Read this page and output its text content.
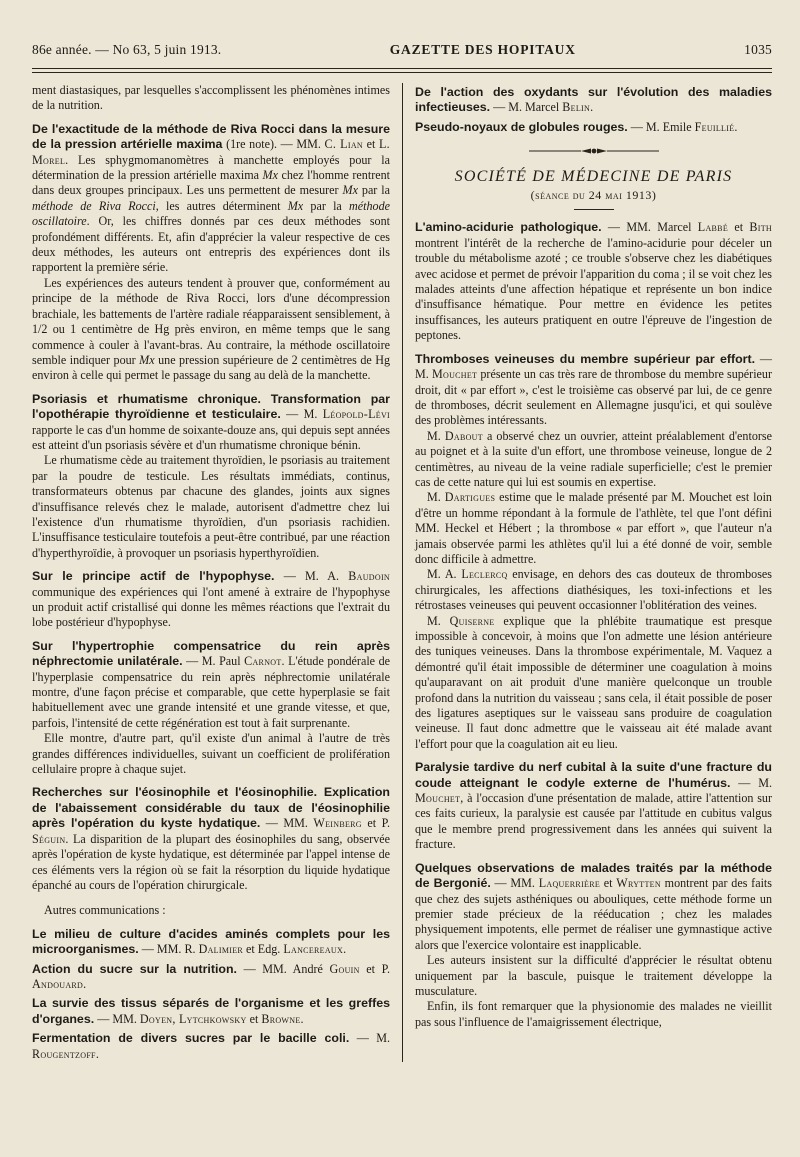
86e année. — No 63, 5 juin 1913.	GAZETTE DES HOPITAUX	1035

ment diastasiques, par lesquelles s'accomplissent les phénomènes intimes de la nutrition.

De l'exactitude de la méthode de Riva Rocci dans la mesure de la pression artérielle maxima (1re note). — MM. C. Lian et L. Morel. Les sphygmomanomètres à manchette employés pour la détermination de la pression artérielle maxima Mx chez l'homme rentrent dans deux groupes principaux. Les uns permettent de mesurer Mx par la méthode de Riva Rocci, les autres déterminent Mx par la méthode oscillatoire. Or, les chiffres donnés par ces deux méthodes sont profondément différents. Et, afin d'apprécier la valeur respective de ces deux méthodes, les auteurs ont entrepris des expériences dont ils rapportent la première série.

Les expériences des auteurs tendent à prouver que, conformément au principe de la méthode de Riva Rocci, lors d'une décompression brachiale, les battements de l'artère radiale réapparaissent sensiblement, à 1/2 ou 1 centimètre de Hg près environ, en même temps que le sang commence à couler à l'avant-bras. Au contraire, la méthode oscillatoire semble indiquer pour Mx une pression supérieure de 2 centimètres de Hg environ à celle qui permet le passage du sang au delà de la manchette.

Psoriasis et rhumatisme chronique. Transformation par l'opothérapie thyroïdienne et testiculaire. — M. Léopold-Lévi rapporte le cas d'un homme de soixante-douze ans, qui depuis sept années est atteint d'un psoriasis sévère et d'un rhumatisme chronique bénin.

Le rhumatisme cède au traitement thyroïdien, le psoriasis au traitement par la poudre de testicule. Les résultats immédiats, continus, transformateurs obtenus par chacune des glandes, joints aux signes d'insuffisance relevés chez le malade, autorisent d'admettre chez lui l'existence d'un rhumatisme thyroïdien, d'un psoriasis rachidien. L'insuffisance testiculaire toutefois a peut-être contribué, par une réaction d'hyperthyroïdie, à provoquer un psoriasis hyperthyroïdien.

Sur le principe actif de l'hypophyse. — M. A. Baudoin communique des expériences qui l'ont amené à extraire de l'hypophyse un produit actif cristallisé qui donne les mêmes réactions que l'extrait du lobe postérieur d'hypophyse.

Sur l'hypertrophie compensatrice du rein après néphrectomie unilatérale. — M. Paul Carnot. L'étude pondérale de l'hyperplasie compensatrice du rein après néphrectomie unilatérale montre, d'une façon précise et comparable, que cette hyperplasie se fait habituellement avec une grande intensité et une grande vitesse, et que, parfois, l'intensité de cette régénération est tout à fait surprenante.

Elle montre, d'autre part, qu'il existe d'un animal à l'autre de très grandes différences individuelles, suivant un coefficient de prolifération cellulaire propre à chaque sujet.

Recherches sur l'éosinophile et l'éosinophilie. Explication de l'abaissement considérable du taux de l'éosinophilie après l'opération du kyste hydatique. — MM. Weinberg et P. Séguin. La disparition de la plupart des éosinophiles du sang, observée après l'opération de kyste hydatique, est déterminée par l'appel intense de ces éléments vers la région où se fait la résorption du liquide hydatique épanché au cours de l'opération chirurgicale.

Autres communications :

Le milieu de culture d'acides aminés complets pour les microorganismes. — MM. R. Dalimier et Edg. Lancereaux.

Action du sucre sur la nutrition. — MM. André Gouin et P. Andouard.

La survie des tissus séparés de l'organisme et les greffes d'organes. — MM. Doyen, Lytchkowsky et Browne.

Fermentation de divers sucres par le bacille coli. — M. Rougentzoff.

De l'action des oxydants sur l'évolution des maladies infectieuses. — M. Marcel Belin.

Pseudo-noyaux de globules rouges. — M. Emile Feuillié.

SOCIÉTÉ DE MÉDECINE DE PARIS
(séance du 24 mai 1913)

L'amino-acidurie pathologique. — MM. Marcel Labbé et Bith montrent l'intérêt de la recherche de l'amino-acidurie pour déceler un trouble du métabolisme azoté ; ce trouble s'observe chez les diabétiques avec acidose et permet de prévoir l'apparition du coma ; il se voit chez les malades atteints d'une affection hépatique et représente un bon indice d'insuffisance hématique. Pour mettre en évidence les petites insuffisances, les auteurs pratiquent en outre l'épreuve de l'ingestion de peptones.

Thromboses veineuses du membre supérieur par effort. — M. Mouchet présente un cas très rare de thrombose du membre supérieur droit, dit « par effort », c'est le troisième cas observé par lui, de ce genre de thromboses, décrit seulement en Allemagne jusqu'ici, et qui soulève des problèmes intéressants.

M. Dabout a observé chez un ouvrier, atteint préalablement d'entorse au poignet et à la suite d'un effort, une thrombose veineuse, longue de 2 centimètres, au niveau de la veine radiale superficielle; c'est le premier cas de cette nature qui lui est soumis en expertise.

M. Dartigues estime que le malade présenté par M. Mouchet est loin d'être un homme répondant à la formule de l'athlète, tel que l'ont défini MM. Heckel et Hébert ; la thrombose « par effort », que l'auteur n'a jamais observée parmi les athlètes qu'il lui a été donné de voir, semble donc difficile à admettre.

M. A. Leclercq envisage, en dehors des cas douteux de thromboses chirurgicales, les affections diathésiques, les toxi-infections et les rétrostases veineuses qui peuvent occasionner l'oblitération des veines.

M. Quiserne explique que la phlébite traumatique est presque impossible à concevoir, à moins que l'on admette une lésion antérieure des tuniques veineuses. Dans la thrombose expérimentale, M. Vaquez a démontré qu'il était impossible de déterminer une coagulation à moins qu'auparavant on ait produit d'une manière quelconque un trouble profond dans la nutrition du vaisseau ; sans cela, il était possible de poser des ligatures aseptiques sur le vaisseau sans produire de coagulation veineuse. Il faut donc admettre que le vaisseau ait été malade avant l'effort pour que la coagulation ait eu lieu.

Paralysie tardive du nerf cubital à la suite d'une fracture du coude atteignant le codyle externe de l'humérus. — M. Mouchet, à l'occasion d'une présentation de malade, attire l'attention sur ces faits curieux, la paralysie est causée par l'attitude en cubitus valgus que le membre prend progressivement dans les années qui suivent la fracture.

Quelques observations de malades traités par la méthode de Bergonié. — MM. Laquerrière et Wrytten montrent par des faits que chez des sujets asthéniques ou abouliques, cette méthode forme un premier stade précieux de la rééducation ; chez les malades physiquement impotents, elle permet de réaliser une gymnastique active alors que l'exercice volontaire est inapplicable.

Les auteurs insistent sur la difficulté d'apprécier le résultat obtenu uniquement par la bascule, puisque le traitement développe la musculature.

Enfin, ils font remarquer que la physionomie des malades ne vieillit pas sous l'influence de l'amaigrissement électrique,
